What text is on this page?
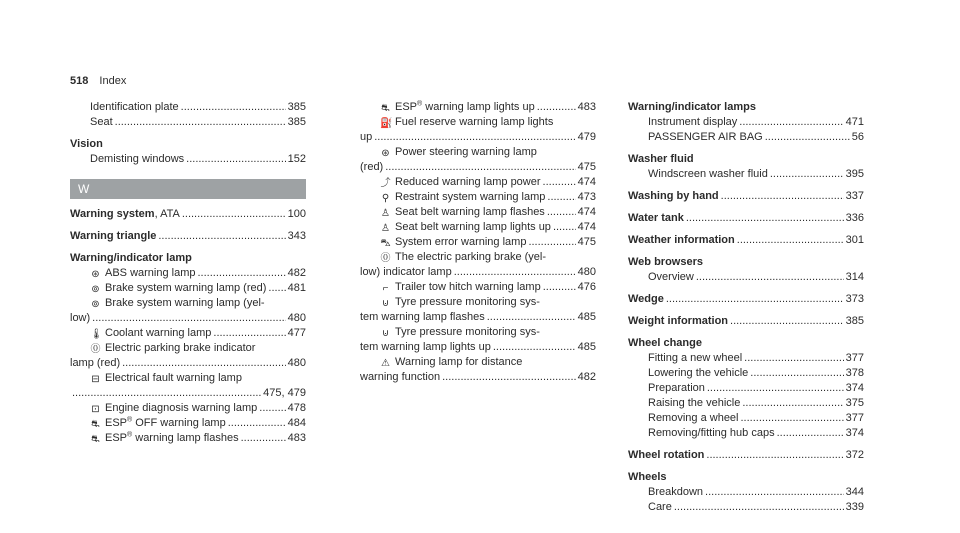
518 Index
Identification plate .....	385
Seat .....	385
Vision
Demisting windows .....	152
W
Warning system, ATA .....	100
Warning triangle .....	343
Warning/indicator lamp
⊛ ABS warning lamp .....	482
⊚ Brake system warning lamp (red) ..... 481
⊚ Brake system warning lamp (yel-
low) .....	480
🌡 Coolant warning lamp .....	477
⓪ Electric parking brake indicator
lamp (red) .....	480
⊟ Electrical fault warning lamp
.....
475, 479
⊡ Engine diagnosis warning lamp .....	478
⛐ ESP® OFF warning lamp .....	484
⛐ ESP® warning lamp flashes .....	483
⛐ ESP® warning lamp lights up .....	483
⛽ Fuel reserve warning lamp lights
up .....	479
⊛ Power steering warning lamp
(red) .....	475
⤴ Reduced warning lamp power .....	474
⚲ Restraint system warning lamp .....	473
♙ Seat belt warning lamp flashes .....	474
♙ Seat belt warning lamp lights up ..... 474
⛍ System error warning lamp .....	475
⓪ The electric parking brake (yel-
low) indicator lamp .....	480
⌐ Trailer tow hitch warning lamp .....	476
⊍ Tyre pressure monitoring sys-
tem warning lamp flashes .....	485
⊍ Tyre pressure monitoring sys-
tem warning lamp lights up .....	485
⚠ Warning lamp for distance
warning function .....	482
Warning/indicator lamps
Instrument display .....	471
PASSENGER AIR BAG .....	56
Washer fluid
Windscreen washer fluid .....	395
Washing by hand .....	337
Water tank .....	336
Weather information .....	301
Web browsers
Overview .....	314
Wedge .....	373
Weight information .....	385
Wheel change
Fitting a new wheel .....	377
Lowering the vehicle .....	378
Preparation .....	374
Raising the vehicle .....	375
Removing a wheel .....	377
Removing/fitting hub caps .....	374
Wheel rotation .....	372
Wheels
Breakdown .....	344
Care .....	339
